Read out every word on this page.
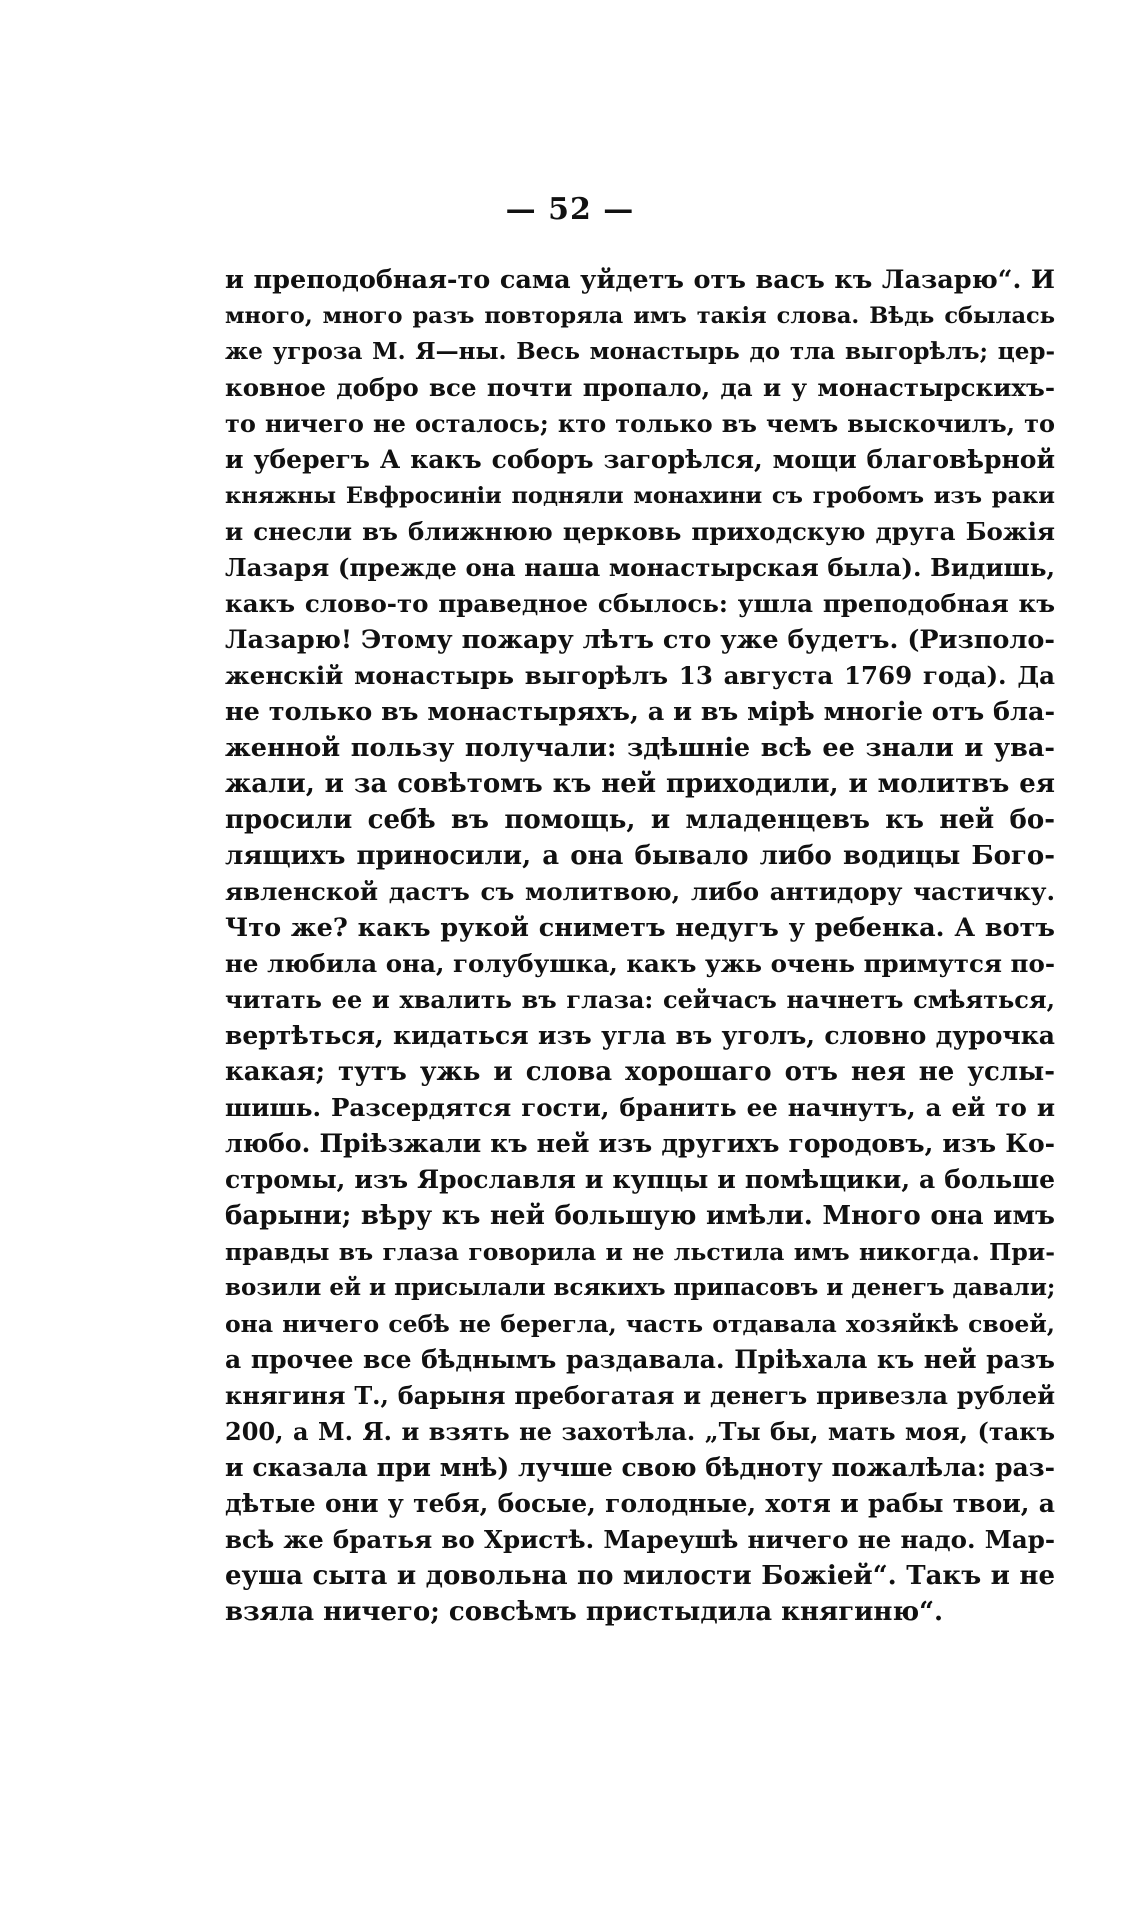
— 52 —
и преподобная-то сама уйдетъ отъ васъ къ Лазарю“. И
много, много разъ повторяла имъ такія слова. Вѣдь сбылась
же угроза М. Я—ны. Весь монастырь до тла выгорѣлъ; цер-
ковное добро все почти пропало, да и у монастырскихъ-
то ничего не осталось; кто только въ чемъ выскочилъ, то
и уберегъ А какъ соборъ загорѣлся, мощи благовѣрной
княжны Евфросиніи подняли монахини съ гробомъ изъ раки
и снесли въ ближнюю церковь приходскую друга Божія
Лазаря (прежде она наша монастырская была). Видишь,
какъ слово-то праведное сбылось: ушла преподобная къ
Лазарю! Этому пожару лѣтъ сто уже будетъ. (Ризполо-
женскій монастырь выгорѣлъ 13 августа 1769 года). Да
не только въ монастыряхъ, а и въ мірѣ многіе отъ бла-
женной пользу получали: здѣшніе всѣ ее знали и ува-
жали, и за совѣтомъ къ ней приходили, и молитвъ ея
просили себѣ въ помощь, и младенцевъ къ ней бо-
лящихъ приносили, а она бывало либо водицы Богo-
явленской дастъ съ молитвою, либо антидору частичку.
Что же? какъ рукой сниметъ недугъ у ребенка. А вотъ
не любила она, голубушка, какъ ужь очень примутся по-
читать ее и хвалить въ глаза: сейчасъ начнетъ смѣяться,
вертѣться, кидаться изъ угла въ уголъ, словно дурочка
какая; тутъ ужь и слова хорошаго отъ нея не услы-
шишь. Разсердятся гости, бранить ее начнутъ, а ей то и
любо. Пріѣзжали къ ней изъ другихъ городовъ, изъ Ко-
стромы, изъ Ярославля и купцы и помѣщики, а больше
барыни; вѣру къ ней большую имѣли. Много она имъ
правды въ глаза говорила и не льстила имъ никогда. При-
возили ей и присылали всякихъ припасовъ и денегъ давали;
она ничего себѣ не берегла, часть отдавала хозяйкѣ своей,
а прочее все бѣднымъ раздавала. Пріѣхала къ ней разъ
княгиня Т., барыня пребогатая и денегъ привезла рублей
200, а М. Я. и взять не захотѣла. „Ты бы, мать моя, (такъ
и сказала при мнѣ) лучше свою бѣдноту пожалѣла: раз-
дѣтые они у тебя, босые, голодные, хотя и рабы твои, а
всѣ же братья во Христѣ. Мареушѣ ничего не надо. Мар-
еуша сыта и довольна по милости Божіей“. Такъ и не
взяла ничего; совсѣмъ пристыдила княгиню“.
